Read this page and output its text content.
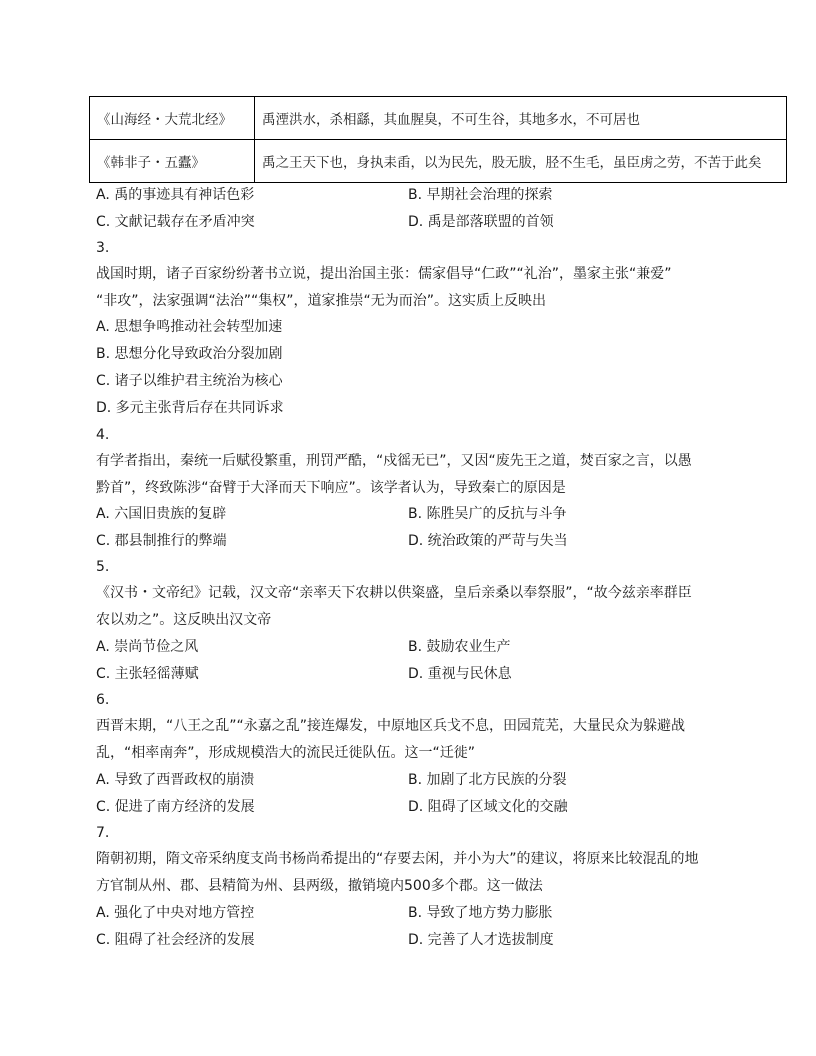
《山海经・大荒北经》	禹湮洪水，杀相繇，其血腥臭，不可生谷，其地多水，不可居也
《韩非子・五蠹》	禹之王天下也，身执耒臿，以为民先，股无胈，胫不生毛，虽臣虏之劳，不苦于此矣
A. 禹的事迹具有神话色彩	B. 早期社会治理的探索
C. 文献记载存在矛盾冲突	D. 禹是部落联盟的首领
3.
战国时期，诸子百家纷纷著书立说，提出治国主张：儒家倡导“仁政”“礼治”，墨家主张“兼爱”
“非攻”，法家强调“法治”“集权”，道家推崇“无为而治”。这实质上反映出
A. 思想争鸣推动社会转型加速
B. 思想分化导致政治分裂加剧
C. 诸子以维护君主统治为核心
D. 多元主张背后存在共同诉求
4.
有学者指出，秦统一后赋役繁重，刑罚严酷，“戍徭无已”，又因“废先王之道，焚百家之言，以愚
黔首”，终致陈涉“奋臂于大泽而天下响应”。该学者认为，导致秦亡的原因是
A. 六国旧贵族的复辟	B. 陈胜吴广的反抗与斗争
C. 郡县制推行的弊端	D. 统治政策的严苛与失当
5.
《汉书・文帝纪》记载，汉文帝“亲率天下农耕以供粢盛，皇后亲桑以奉祭服”，“故今兹亲率群臣
农以劝之”。这反映出汉文帝
A. 崇尚节俭之风	B. 鼓励农业生产
C. 主张轻徭薄赋	D. 重视与民休息
6.
西晋末期，“八王之乱”“永嘉之乱”接连爆发，中原地区兵戈不息，田园荒芜，大量民众为躲避战
乱，“相率南奔”，形成规模浩大的流民迁徙队伍。这一“迁徙”
A. 导致了西晋政权的崩溃	B. 加剧了北方民族的分裂
C. 促进了南方经济的发展	D. 阻碍了区域文化的交融
7.
隋朝初期，隋文帝采纳度支尚书杨尚希提出的“存要去闲，并小为大”的建议，将原来比较混乱的地
方官制从州、郡、县精简为州、县两级，撤销境内500多个郡。这一做法
A. 强化了中央对地方管控	B. 导致了地方势力膨胀
C. 阻碍了社会经济的发展	D. 完善了人才选拔制度
